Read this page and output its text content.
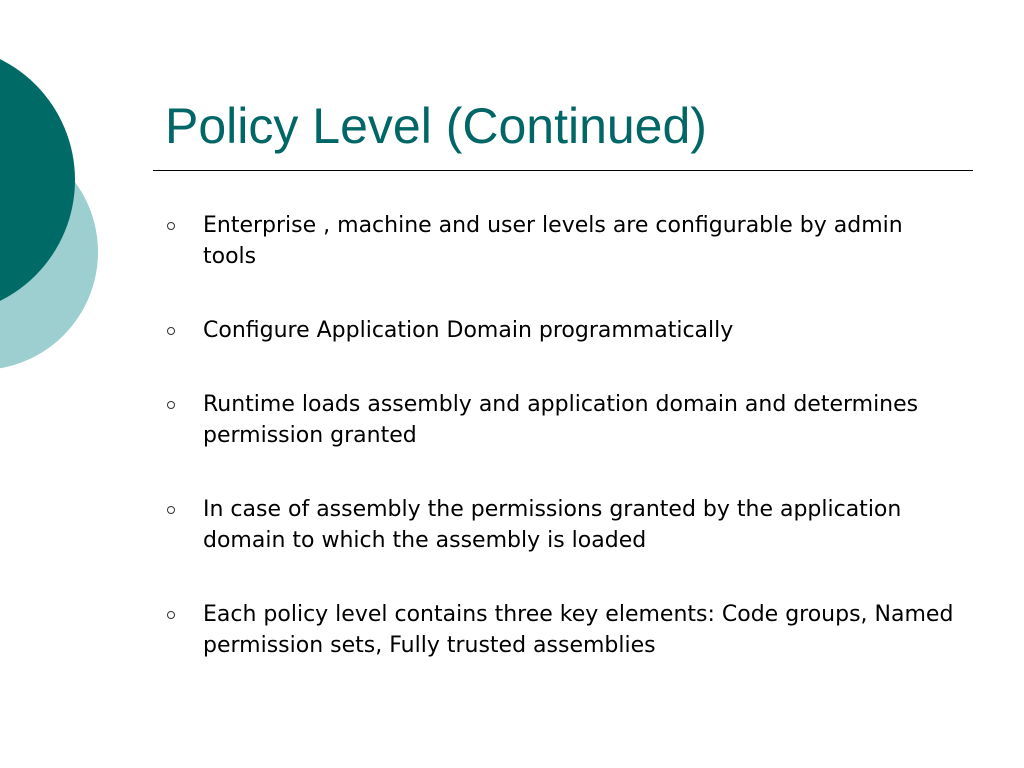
Policy Level (Continued)
Enterprise , machine and user levels are configurable by admin tools
Configure Application Domain programmatically
Runtime loads assembly and application domain and determines permission granted
In case of assembly the permissions granted by the application domain to which the assembly is loaded
Each policy level contains three key elements: Code groups, Named permission sets, Fully trusted assemblies
